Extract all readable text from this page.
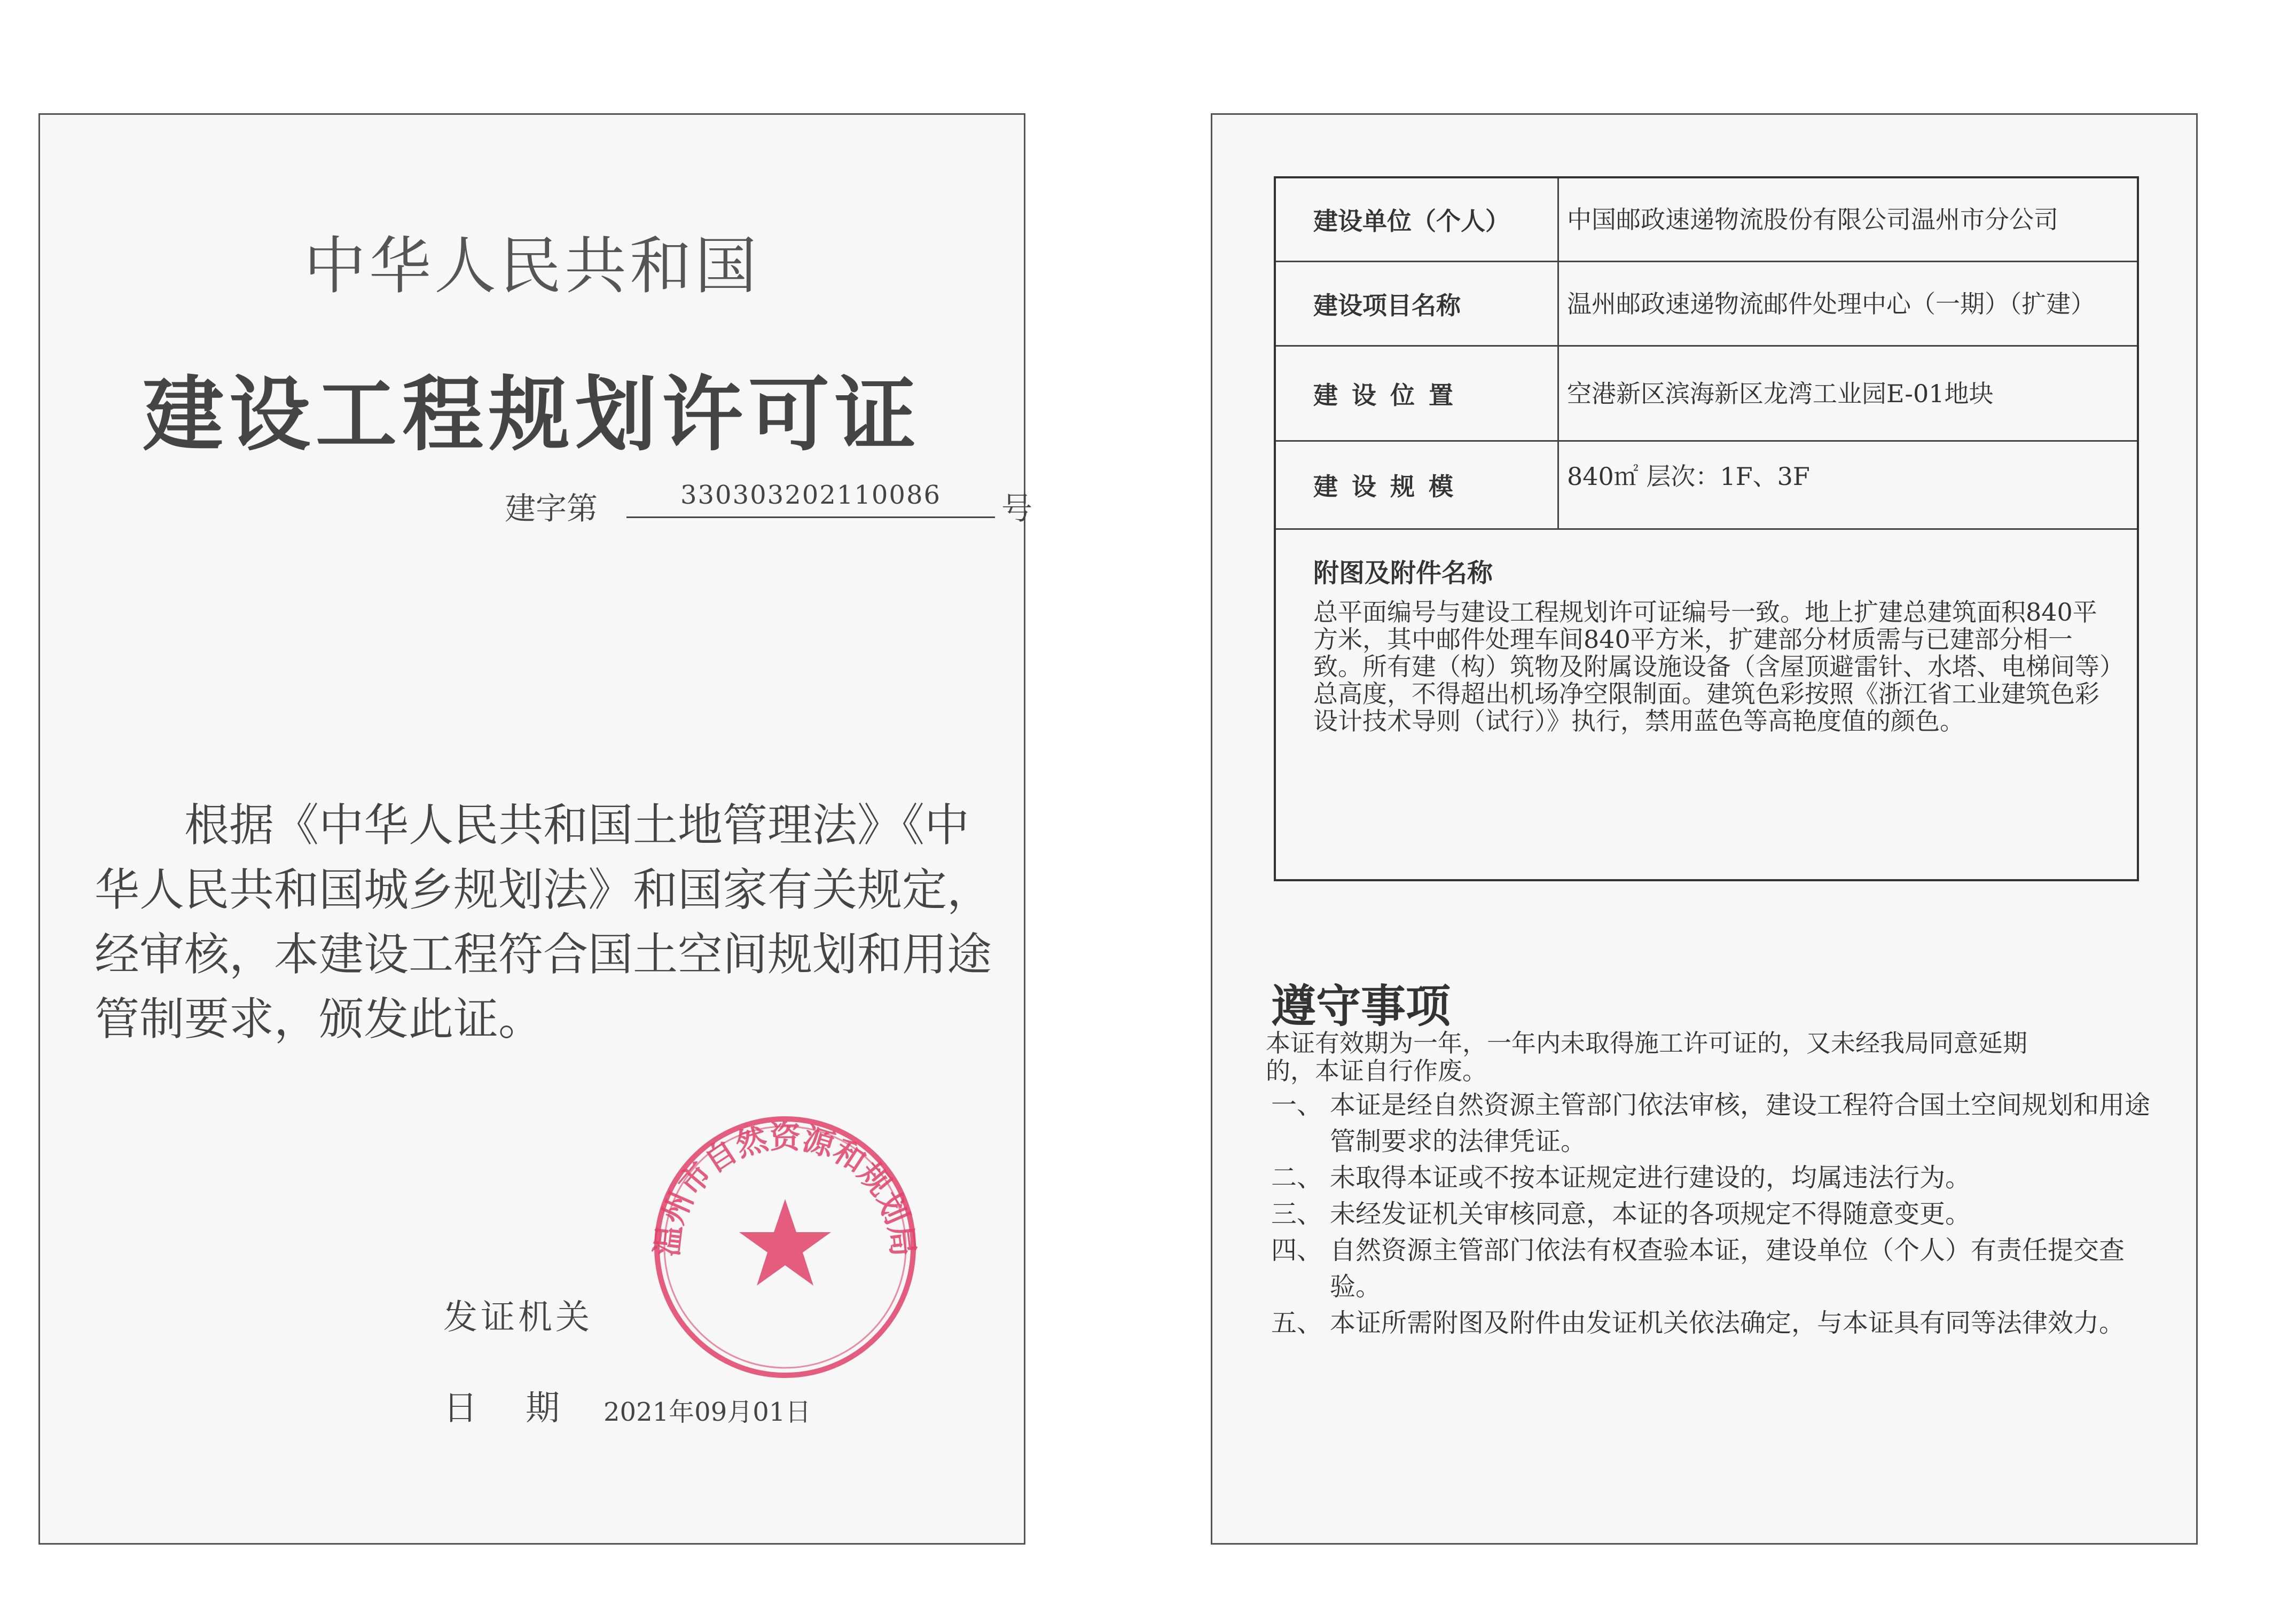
中华人民共和国
建设工程规划许可证
建字第	330303202110086	号
根据《中华人民共和国土地管理法》《中华人民共和国城乡规划法》和国家有关规定，经审核，本建设工程符合国土空间规划和用途管制要求，颁发此证。
发证机关
日期
2021年09月01日
温州市自然资源和规划局
建设单位（个人）	中国邮政速递物流股份有限公司温州市分公司
建设项目名称	温州邮政速递物流邮件处理中心（一期）（扩建）
建设位置	空港新区滨海新区龙湾工业园E-01地块
建设规模	840㎡ 层次：1F、3F
附图及附件名称
总平面编号与建设工程规划许可证编号一致。地上扩建总建筑面积840平方米，其中邮件处理车间840平方米，扩建部分材质需与已建部分相一致。所有建（构）筑物及附属设施设备（含屋顶避雷针、水塔、电梯间等）总高度，不得超出机场净空限制面。建筑色彩按照《浙江省工业建筑色彩设计技术导则（试行）》执行，禁用蓝色等高艳度值的颜色。
遵守事项
本证有效期为一年，一年内未取得施工许可证的，又未经我局同意延期的，本证自行作废。
一、 本证是经自然资源主管部门依法审核，建设工程符合国土空间规划和用途管制要求的法律凭证。
二、 未取得本证或不按本证规定进行建设的，均属违法行为。
三、 未经发证机关审核同意，本证的各项规定不得随意变更。
四、 自然资源主管部门依法有权查验本证，建设单位（个人）有责任提交查验。
五、 本证所需附图及附件由发证机关依法确定，与本证具有同等法律效力。
